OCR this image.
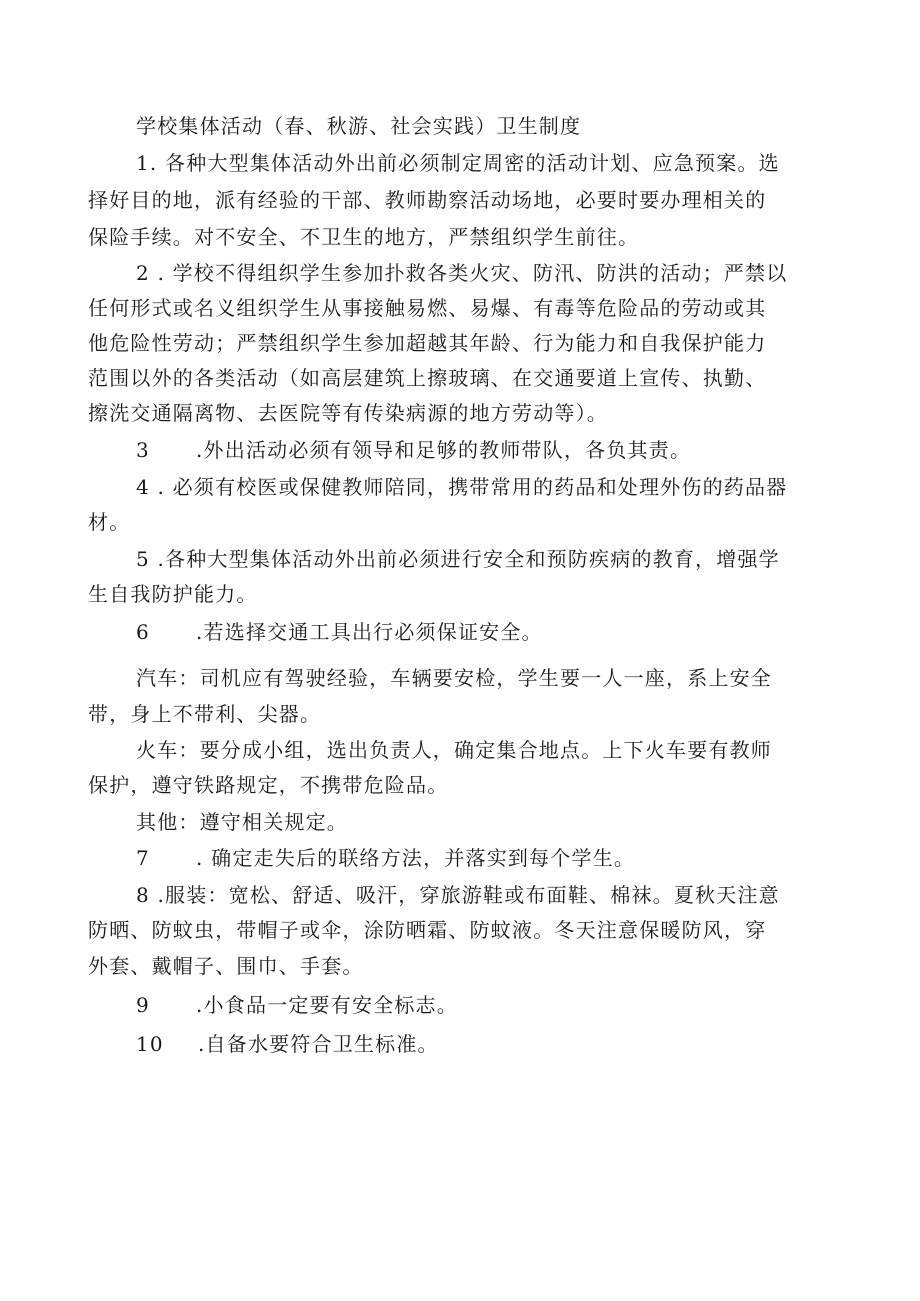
学校集体活动（春、秋游、社会实践）卫生制度
1. 各种大型集体活动外出前必须制定周密的活动计划、应急预案。选
择好目的地，派有经验的干部、教师勘察活动场地，必要时要办理相关的
保险手续。对不安全、不卫生的地方，严禁组织学生前往。
2 . 学校不得组织学生参加扑救各类火灾、防汛、防洪的活动；严禁以
任何形式或名义组织学生从事接触易燃、易爆、有毒等危险品的劳动或其
他危险性劳动；严禁组织学生参加超越其年龄、行为能力和自我保护能力
范围以外的各类活动（如高层建筑上擦玻璃、在交通要道上宣传、执勤、
擦洗交通隔离物、去医院等有传染病源的地方劳动等）。
3 .外出活动必须有领导和足够的教师带队，各负其责。
4 . 必须有校医或保健教师陪同，携带常用的药品和处理外伤的药品器
材。
5 .各种大型集体活动外出前必须进行安全和预防疾病的教育，增强学
生自我防护能力。
6 .若选择交通工具出行必须保证安全。
汽车：司机应有驾驶经验，车辆要安检，学生要一人一座，系上安全
带，身上不带利、尖器。
火车：要分成小组，选出负责人，确定集合地点。上下火车要有教师
保护，遵守铁路规定，不携带危险品。
其他：遵守相关规定。
7 . 确定走失后的联络方法，并落实到每个学生。
8 .服装：宽松、舒适、吸汗，穿旅游鞋或布面鞋、棉袜。夏秋天注意
防晒、防蚊虫，带帽子或伞，涂防晒霜、防蚊液。冬天注意保暖防风，穿
外套、戴帽子、围巾、手套。
9 .小食品一定要有安全标志。
10 .自备水要符合卫生标准。
